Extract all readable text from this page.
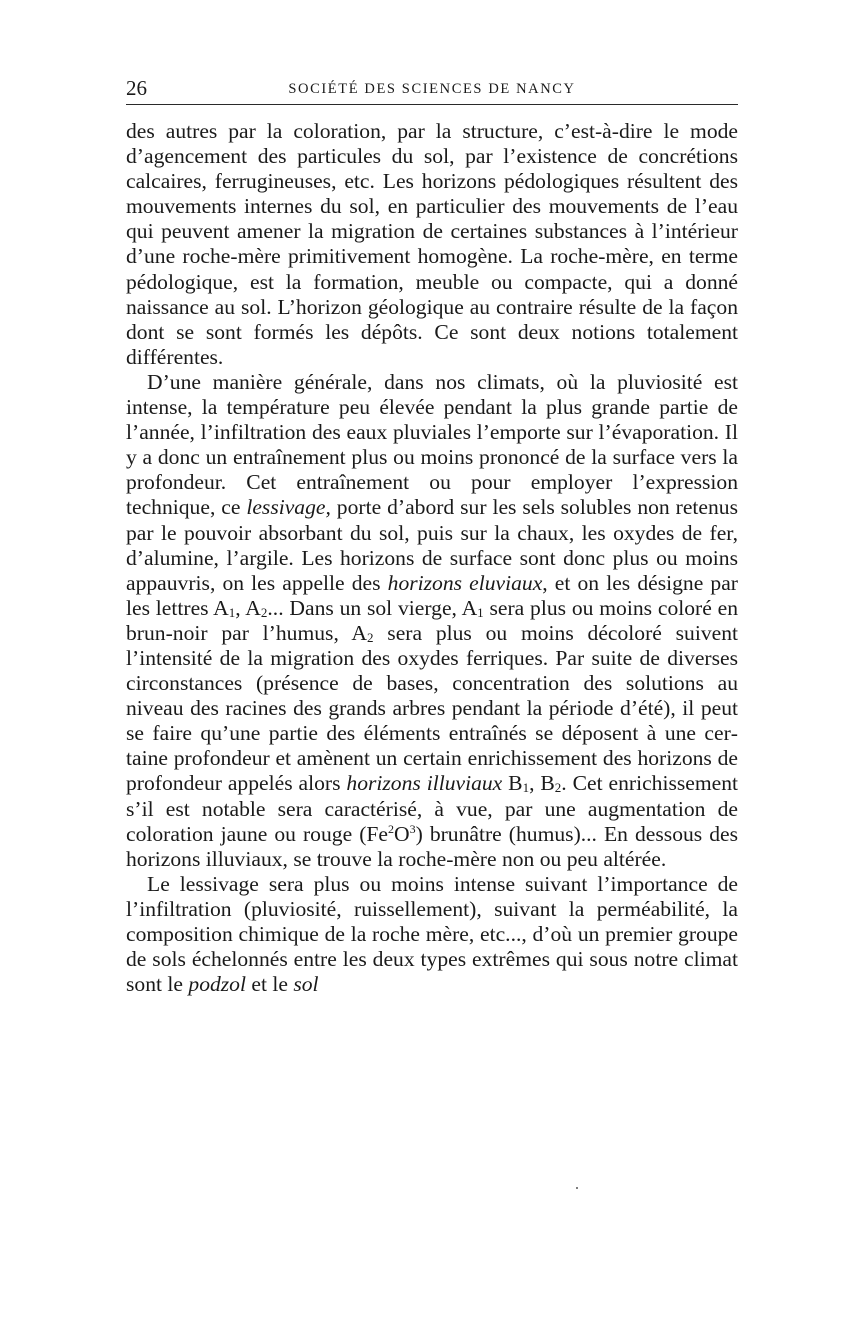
26	SOCIÉTÉ DES SCIENCES DE NANCY

des autres par la coloration, par la structure, c’est-à-dire le mode d’agencement des particules du sol, par l’existence de concrétions calcaires, ferrugineuses, etc. Les horizons pédologiques résultent des mouvements internes du sol, en particulier des mouvements de l’eau qui peuvent amener la migration de certaines substances à l’intérieur d’une roche-mère primitivement homogène. La roche-mère, en terme pédologique, est la formation, meuble ou compacte, qui a donné naissance au sol. L’horizon géologique au contraire résulte de la façon dont se sont formés les dépôts. Ce sont deux notions totalement différentes.

D’une manière générale, dans nos climats, où la pluviosité est intense, la température peu élevée pendant la plus grande partie de l’année, l’infiltration des eaux pluviales l’emporte sur l’évaporation. Il y a donc un entraînement plus ou moins prononcé de la surface vers la profondeur. Cet entraînement ou pour employer l’expression technique, ce lessivage, porte d’abord sur les sels solubles non retenus par le pouvoir absorbant du sol, puis sur la chaux, les oxydes de fer, d’alumine, l’argile. Les horizons de surface sont donc plus ou moins appauvris, on les appelle des horizons eluviaux, et on les désigne par les lettres $A_1$, $A_2$... Dans un sol vierge, $A_1$ sera plus ou moins coloré en brun-noir par l’humus, $A_2$ sera plus ou moins décoloré suivent l’intensité de la migration des oxydes ferriques. Par suite de diverses circonstances (présence de bases, concentration des solutions au niveau des racines des grands arbres pendant la période d’été), il peut se faire qu’une partie des éléments entraînés se déposent à une certaine profondeur et amènent un certain enrichissement des horizons de profondeur appelés alors horizons illuviaux $B_1$, $B_2$. Cet enrichissement s’il est notable sera caractérisé, à vue, par une augmentation de coloration jaune ou rouge $(Fe^2O^3)$ brunâtre (humus)... En dessous des horizons illuviaux, se trouve la roche-mère non ou peu altérée.

Le lessivage sera plus ou moins intense suivant l’importance de l’infiltration (pluviosité, ruissellement), suivant la perméabilité, la composition chimique de la roche mère, etc..., d’où un premier groupe de sols échelonnés entre les deux types extrêmes qui sous notre climat sont le podzol et le sol
